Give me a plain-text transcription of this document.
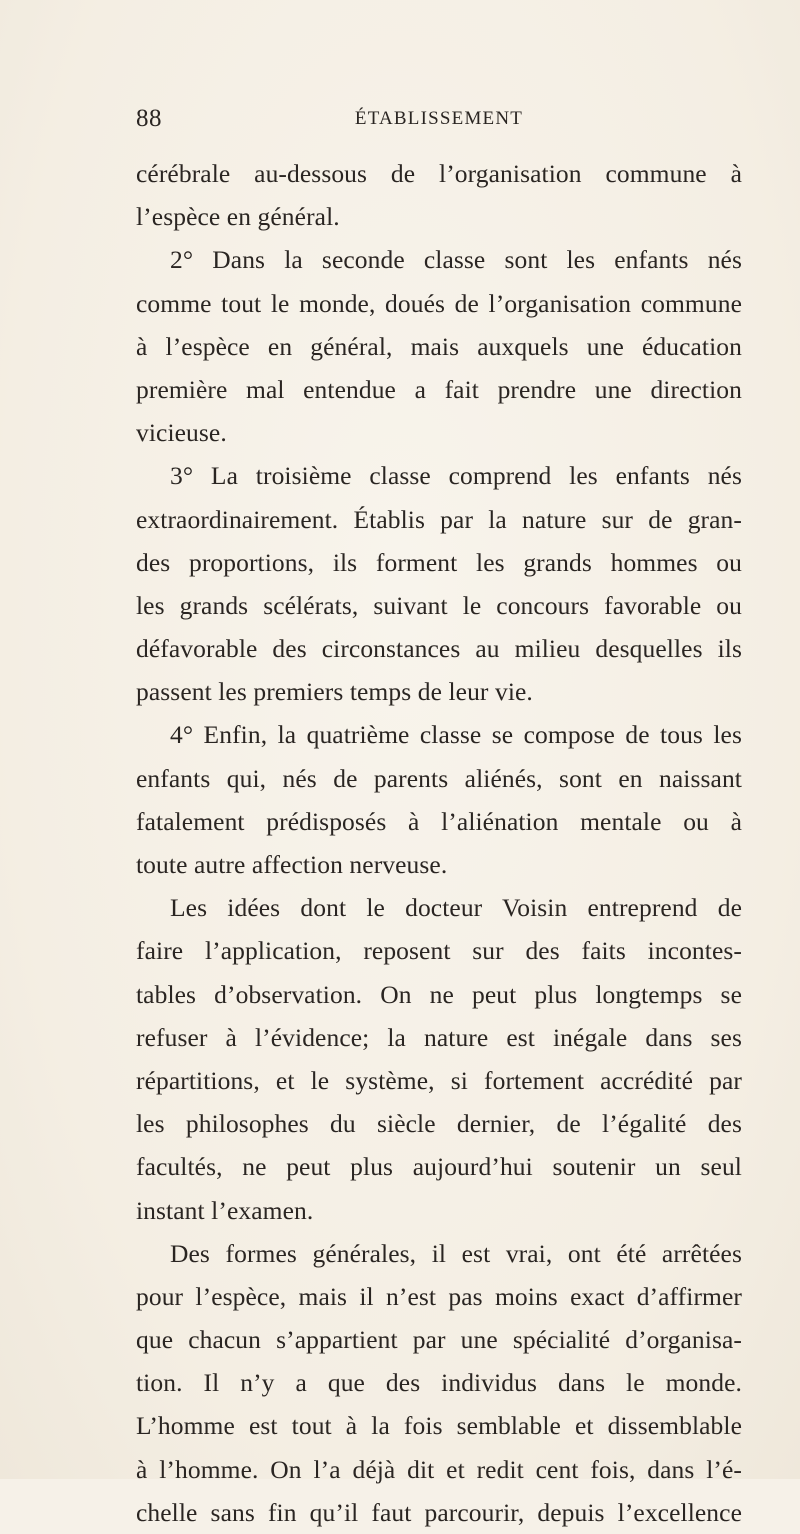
88	ÉTABLISSEMENT
cérébrale au-dessous de l’organisation commune à
l’espèce en général.
2° Dans la seconde classe sont les enfants nés
comme tout le monde, doués de l’organisation commune
à l’espèce en général, mais auxquels une éducation
première mal entendue a fait prendre une direction
vicieuse.
3° La troisième classe comprend les enfants nés
extraordinairement. Établis par la nature sur de gran-
des proportions, ils forment les grands hommes ou
les grands scélérats, suivant le concours favorable ou
défavorable des circonstances au milieu desquelles ils
passent les premiers temps de leur vie.
4° Enfin, la quatrième classe se compose de tous les
enfants qui, nés de parents aliénés, sont en naissant
fatalement prédisposés à l’aliénation mentale ou à
toute autre affection nerveuse.
Les idées dont le docteur Voisin entreprend de
faire l’application, reposent sur des faits incontes-
tables d’observation. On ne peut plus longtemps se
refuser à l’évidence; la nature est inégale dans ses
répartitions, et le système, si fortement accrédité par
les philosophes du siècle dernier, de l’égalité des
facultés, ne peut plus aujourd’hui soutenir un seul
instant l’examen.
Des formes générales, il est vrai, ont été arrêtées
pour l’espèce, mais il n’est pas moins exact d’affirmer
que chacun s’appartient par une spécialité d’organisa-
tion. Il n’y a que des individus dans le monde.
L’homme est tout à la fois semblable et dissemblable
à l’homme. On l’a déjà dit et redit cent fois, dans l’é-
chelle sans fin qu’il faut parcourir, depuis l’excellence
